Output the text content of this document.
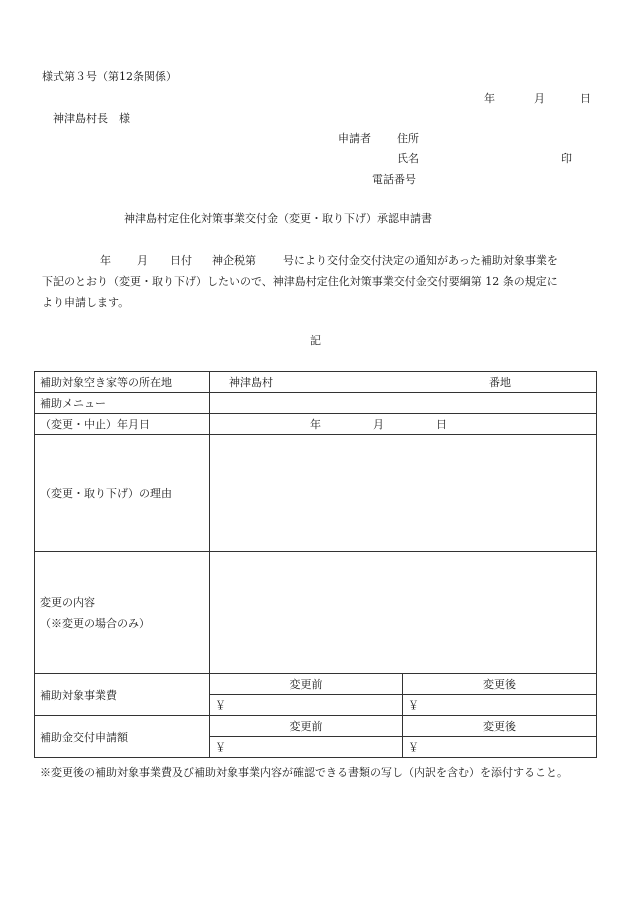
様式第３号（第12条関係）
年	月	日
神津島村長　様
申請者 住所
氏名	印
電話番号
神津島村定住化対策事業交付金（変更・取り下げ）承認申請書
年 月 日付 神企税第 号により交付金交付決定の通知があった補助対象事業を
下記のとおり（変更・取り下げ）したいので、神津島村定住化対策事業交付金交付要綱第 12 条の規定に
より申請します。
記
補助対象空き家等の所在地	神津島村 番地	

補助メニュー		
（変更・中止）年月日	年 月 日	

（変更・取り下げ）の理由		

変更の内容
（※変更の場合のみ）		

補助対象事業費	変更前	変更後
	￥	￥
補助金交付申請額	変更前	変更後
	￥	￥
※変更後の補助対象事業費及び補助対象事業内容が確認できる書類の写し（内訳を含む）を添付すること。
